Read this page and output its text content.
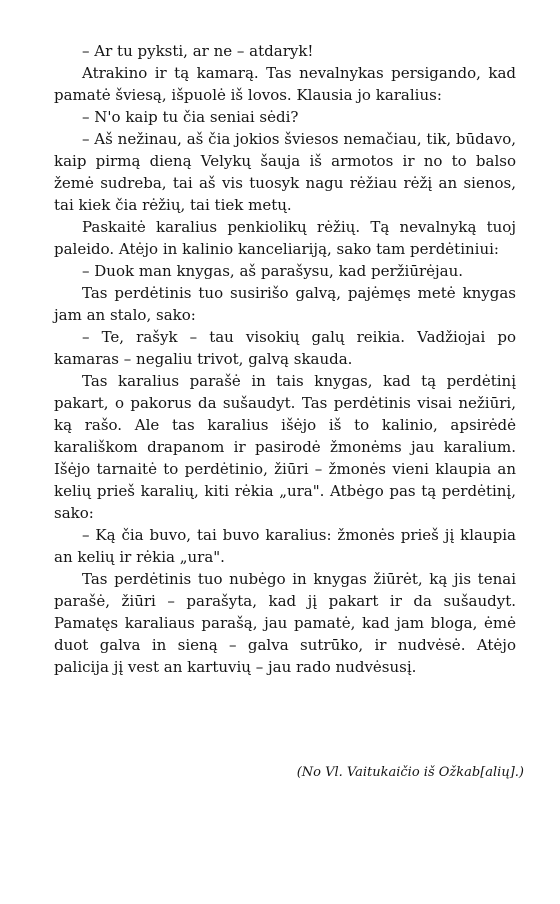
– Ar tu pyksti, ar ne – atdaryk!

Atrakino ir tą kamarą. Tas nevalnykas persigando, kad pamatė šviesą, išpuolė iš lovos. Klausia jo karalius:

– N'o kaip tu čia seniai sėdi?

– Aš nežinau, aš čia jokios šviesos nemačiau, tik, būdavo, kaip pirmą dieną Velykų šauja iš armotos ir no to balso žemė sudreba, tai aš vis tuosyk nagu rėžiau rėžį an sienos, tai kiek čia rėžių, tai tiek metų.

Paskaitė karalius penkiolikų rėžių. Tą nevalnyką tuoj paleido. Atėjo in kalinio kanceliariją, sako tam perdėtiniui:

– Duok man knygas, aš parašysu, kad peržiūrėjau.

Tas perdėtinis tuo susirišo galvą, pajėmęs metė knygas jam an stalo, sako:

– Te, rašyk – tau visokių galų reikia. Vadžiojai po kamaras – negaliu trivot, galvą skauda.

Tas karalius parašė in tais knygas, kad tą perdėtinį pakart, o pakorus da sušaudyt. Tas perdėtinis visai nežiūri, ką rašo. Ale tas karalius išėjo iš to kalinio, apsirėdė karališkom drapanom ir pasirodė žmonėms jau karalium. Išėjo tarnaitė to perdėtinio, žiūri – žmonės vieni klaupia an kelių prieš karalių, kiti rėkia „ura". Atbėgo pas tą perdėtinį, sako:

– Ką čia buvo, tai buvo karalius: žmonės prieš jį klaupia an kelių ir rėkia „ura".

Tas perdėtinis tuo nubėgo in knygas žiūrėt, ką jis tenai parašė, žiūri – parašyta, kad jį pakart ir da sušaudyt. Pamatęs karaliaus parašą, jau pamatė, kad jam bloga, ėmė duot galva in sieną – galva sutrūko, ir nudvėsė. Atėjo palicija jį vest an kartuvių – jau rado nudvėsusį.

(No Vl. Vaitukaičio iš Ožkab[alių].)
